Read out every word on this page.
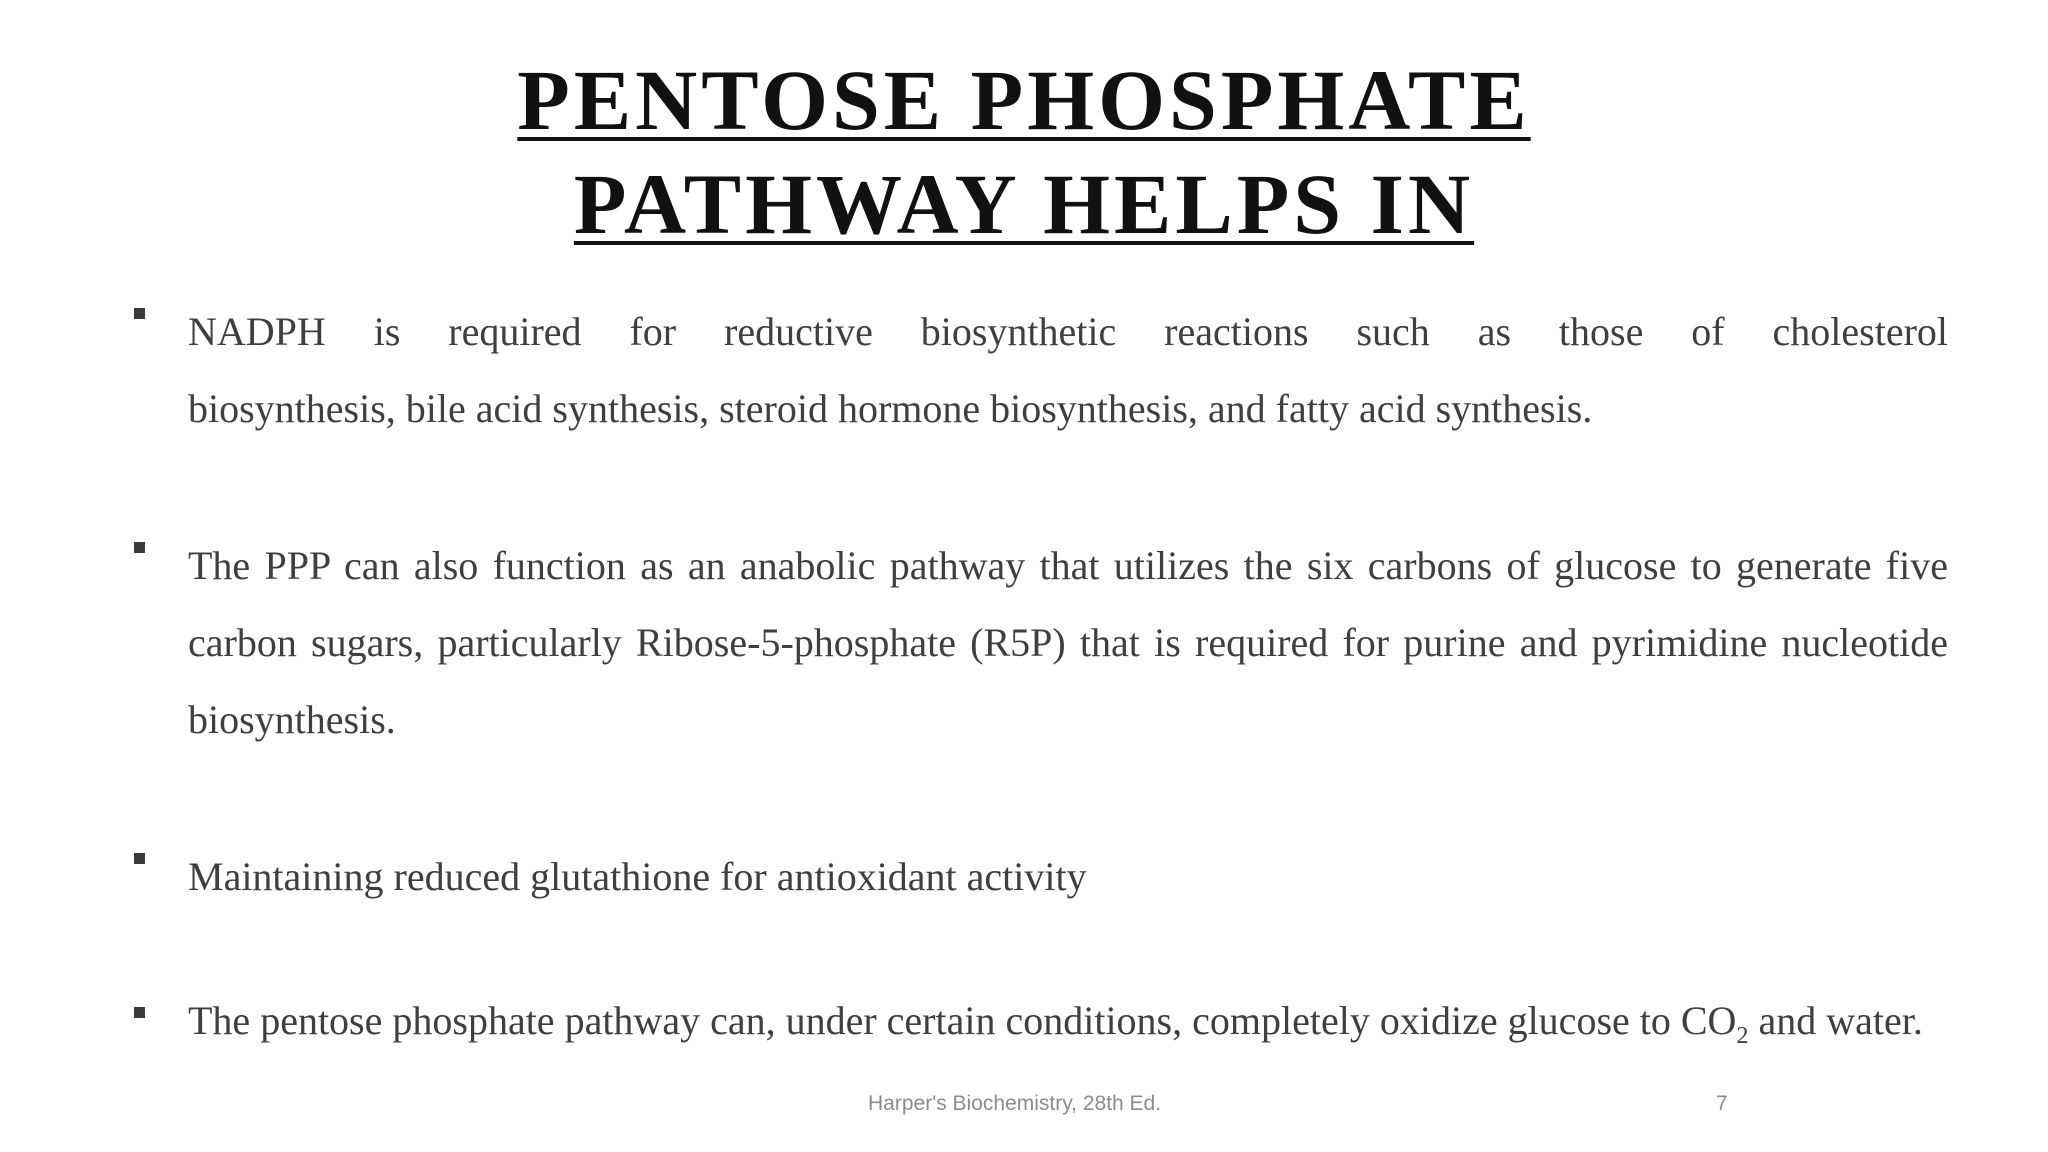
PENTOSE PHOSPHATE
PATHWAY HELPS IN
NADPH is required for reductive biosynthetic reactions such as those of cholesterol
biosynthesis, bile acid synthesis, steroid hormone biosynthesis, and fatty acid synthesis.
The PPP can also function as an anabolic pathway that utilizes the six carbons of glucose to generate five carbon sugars, particularly Ribose-5-phosphate (R5P) that is required for purine and pyrimidine nucleotide biosynthesis.
Maintaining reduced glutathione for antioxidant activity
The pentose phosphate pathway can, under certain conditions, completely oxidize glucose to $CO_2$ and water.
Harper's Biochemistry, 28th Ed.	7
